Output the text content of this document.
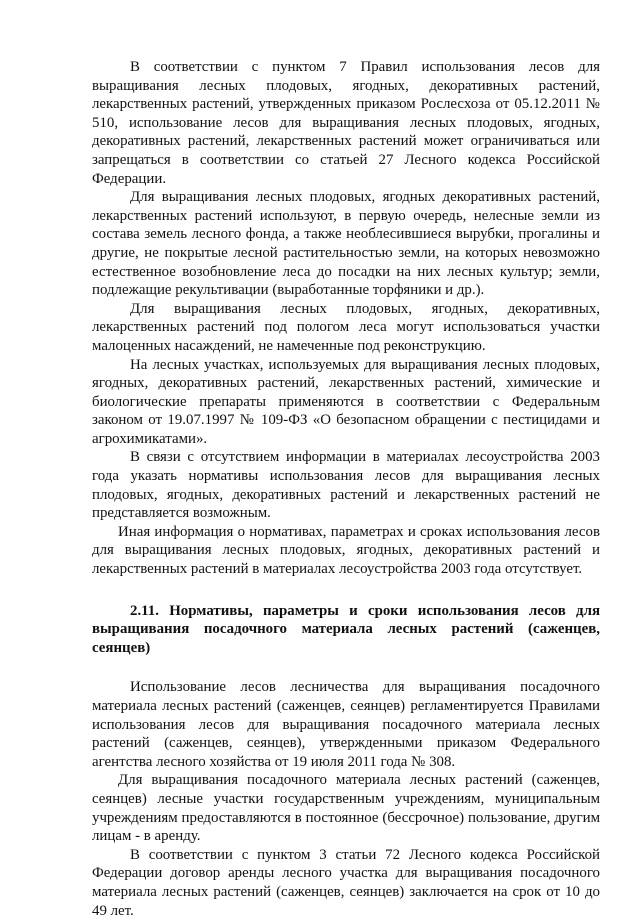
В соответствии с пунктом 7 Правил использования лесов для выращивания лесных плодовых, ягодных, декоративных растений, лекарственных растений, утвержденных приказом Рослесхоза от 05.12.2011 № 510, использование лесов для выращивания лесных плодовых, ягодных, декоративных растений, лекарственных растений может ограничиваться или запрещаться в соответствии со статьей 27 Лесного кодекса Российской Федерации.

Для выращивания лесных плодовых, ягодных декоративных растений, лекарственных растений используют, в первую очередь, нелесные земли из состава земель лесного фонда, а также необлесившиеся вырубки, прогалины и другие, не покрытые лесной растительностью земли, на которых невозможно естественное возобновление леса до посадки на них лесных культур; земли, подлежащие рекультивации (выработанные торфяники и др.).

Для выращивания лесных плодовых, ягодных, декоративных, лекарственных растений под пологом леса могут использоваться участки малоценных насаждений, не намеченные под реконструкцию.

На лесных участках, используемых для выращивания лесных плодовых, ягодных, декоративных растений, лекарственных растений, химические и биологические препараты применяются в соответствии с Федеральным законом от 19.07.1997 № 109-ФЗ «О безопасном обращении с пестицидами и агрохимикатами».

В связи с отсутствием информации в материалах лесоустройства 2003 года указать нормативы использования лесов для выращивания лесных плодовых, ягодных, декоративных растений и лекарственных растений не представляется возможным.

Иная информация о нормативах, параметрах и сроках использования лесов для выращивания лесных плодовых, ягодных, декоративных растений и лекарственных растений в материалах лесоустройства 2003 года отсутствует.

2.11. Нормативы, параметры и сроки использования лесов для выращивания посадочного материала лесных растений (саженцев, сеянцев)

Использование лесов лесничества для выращивания посадочного материала лесных растений (саженцев, сеянцев) регламентируется Правилами использования лесов для выращивания посадочного материала лесных растений (саженцев, сеянцев), утвержденными приказом Федерального агентства лесного хозяйства от 19 июля 2011 года № 308.

Для выращивания посадочного материала лесных растений (саженцев, сеянцев) лесные участки государственным учреждениям, муниципальным учреждениям предоставляются в постоянное (бессрочное) пользование, другим лицам - в аренду.

В соответствии с пунктом 3 статьи 72 Лесного кодекса Российской Федерации договор аренды лесного участка для выращивания посадочного материала лесных растений (саженцев, сеянцев) заключается на срок от 10 до 49 лет.
